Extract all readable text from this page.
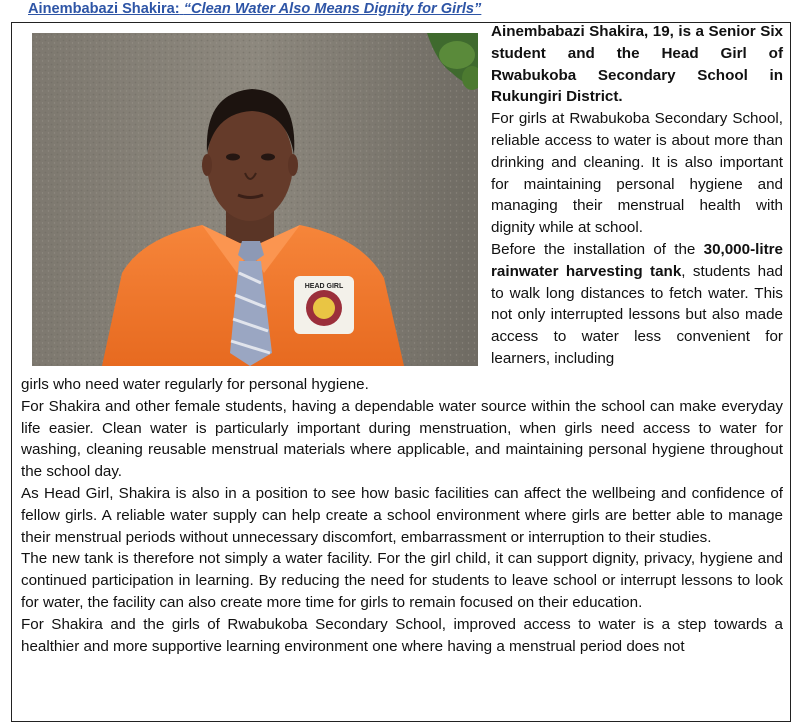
Ainembabazi Shakira: “Clean Water Also Means Dignity for Girls”
HEAD GIRL

Ainembabazi Shakira, 19, is a Senior Six student and the Head Girl of Rwabukoba Secondary School in Rukungiri District.

For girls at Rwabukoba Secondary School, reliable access to water is about more than drinking and cleaning. It is also important for maintaining personal hygiene and managing their menstrual health with dignity while at school.

Before the installation of the 30,000-litre rainwater harvesting tank, students had to walk long distances to fetch water. This not only interrupted lessons but also made access to water less convenient for learners, including

girls who need water regularly for personal hygiene.

For Shakira and other female students, having a dependable water source within the school can make everyday life easier. Clean water is particularly important during menstruation, when girls need access to water for washing, cleaning reusable menstrual materials where applicable, and maintaining personal hygiene throughout the school day.

As Head Girl, Shakira is also in a position to see how basic facilities can affect the wellbeing and confidence of fellow girls. A reliable water supply can help create a school environment where girls are better able to manage their menstrual periods without unnecessary discomfort, embarrassment or interruption to their studies.

The new tank is therefore not simply a water facility. For the girl child, it can support dignity, privacy, hygiene and continued participation in learning. By reducing the need for students to leave school or interrupt lessons to look for water, the facility can also create more time for girls to remain focused on their education.

For Shakira and the girls of Rwabukoba Secondary School, improved access to water is a step towards a healthier and more supportive learning environment one where having a menstrual period does not
